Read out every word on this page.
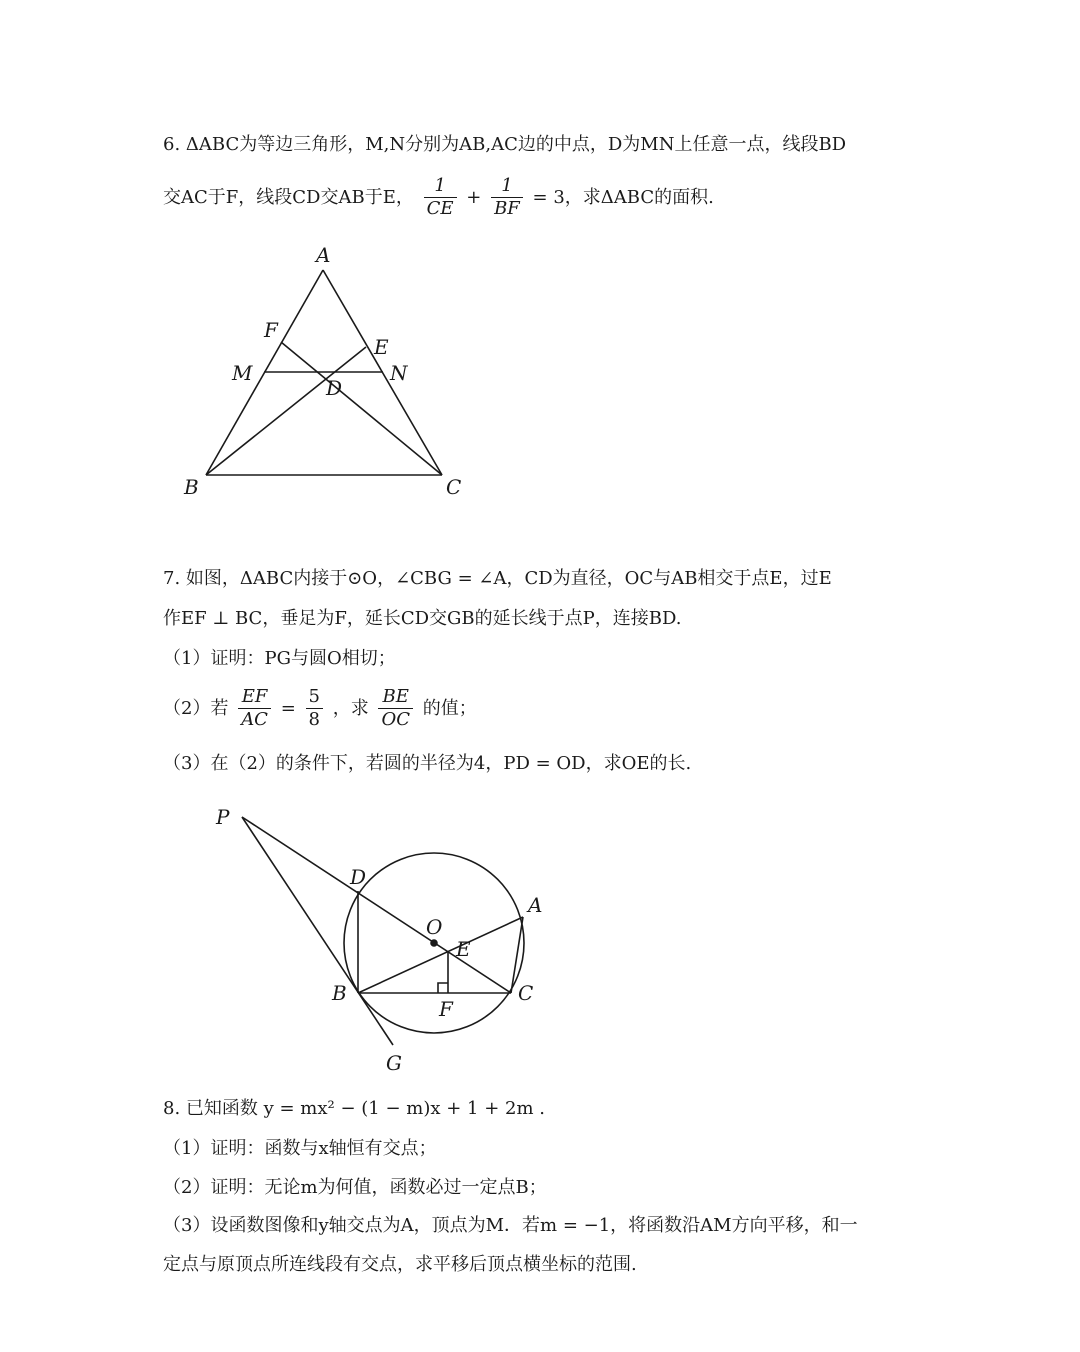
6. ΔABC为等边三角形，M,N分别为AB,AC边的中点，D为MN上任意一点，线段BD
交AC于F，线段CD交AB于E， $\frac{1}{CE} + \frac{1}{BF} = 3$，求ΔABC的面积.
A
B	C
F
E
M	N
D
7. 如图，ΔABC内接于⊙O，∠CBG = ∠A，CD为直径，OC与AB相交于点E，过E
作EF ⊥ BC，垂足为F，延长CD交GB的延长线于点P，连接BD.
（1）证明：PG与圆O相切；
（2）若 $\frac{EF}{AC} = \frac{5}{8}$ ，求 $\frac{BE}{OC}$ 的值；
（3）在（2）的条件下，若圆的半径为4，PD = OD，求OE的长.
P
D
O
A
E
B	C
F
G
8. 已知函数 y = mx² − (1 − m)x + 1 + 2m .
（1）证明：函数与x轴恒有交点；
（2）证明：无论m为何值，函数必过一定点B；
（3）设函数图像和y轴交点为A，顶点为M．若m = −1，将函数沿AM方向平移，和一
定点与原顶点所连线段有交点，求平移后顶点横坐标的范围.
